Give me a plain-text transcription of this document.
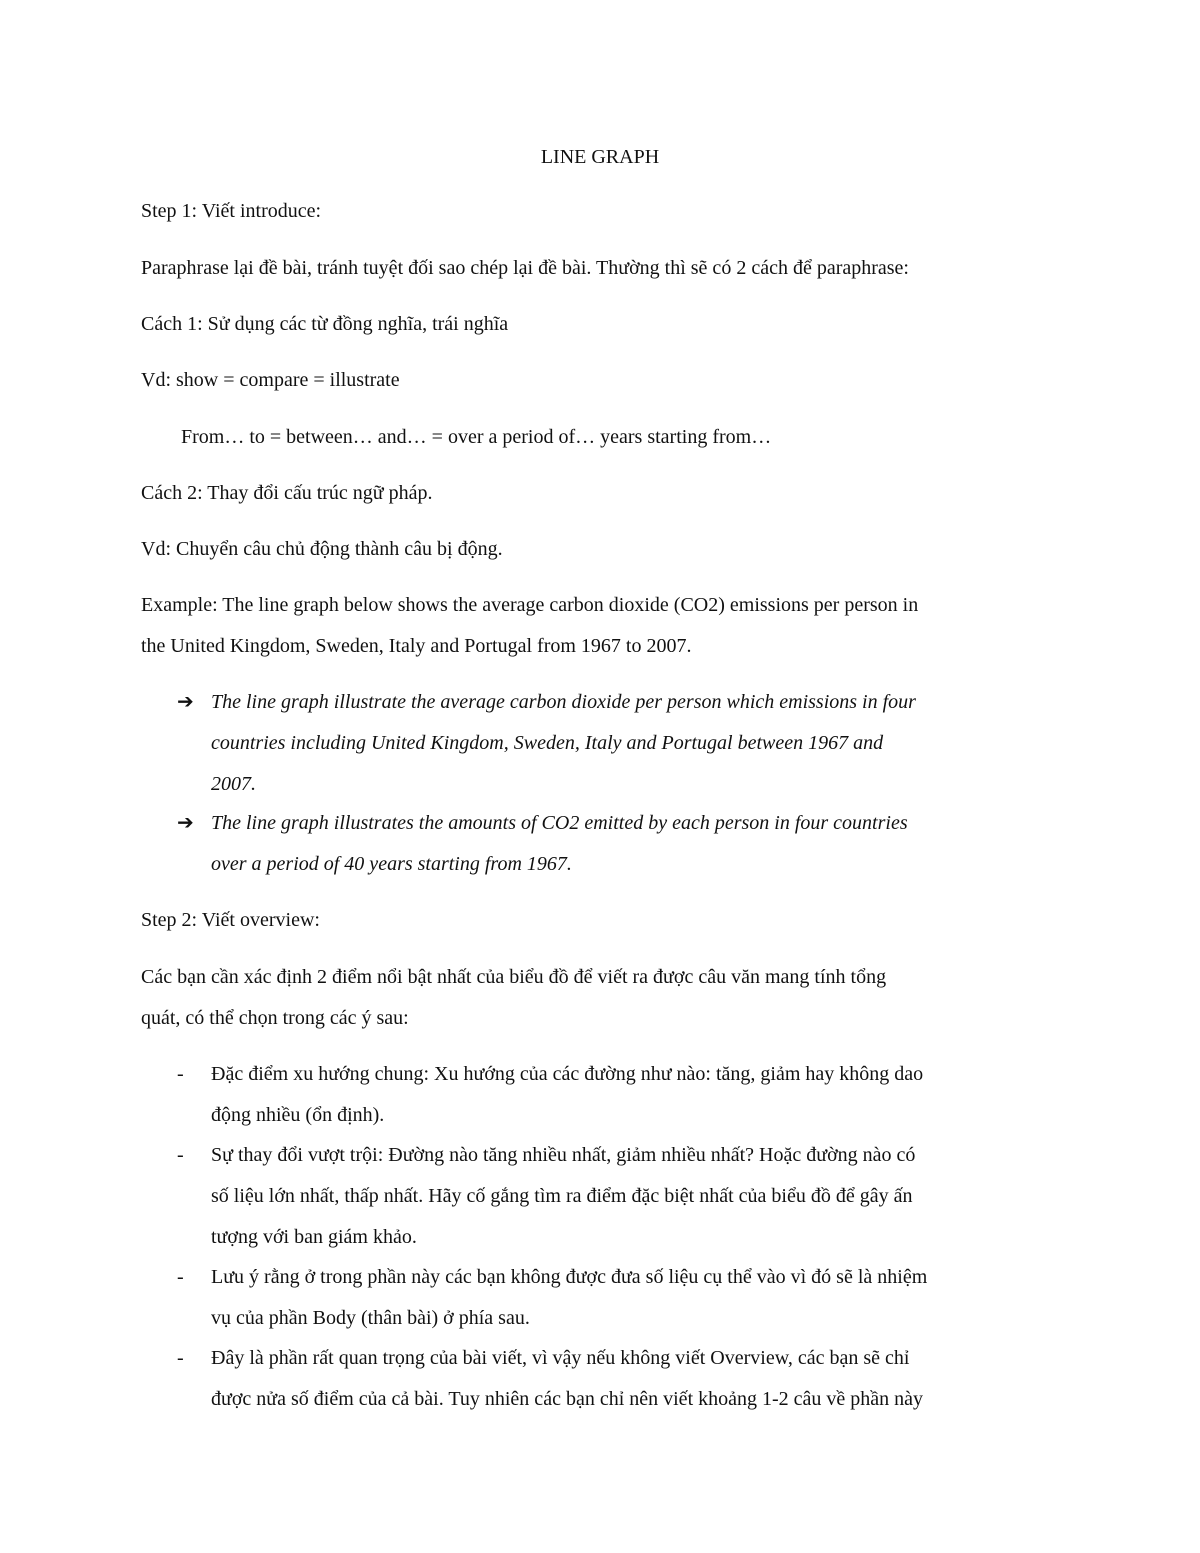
LINE GRAPH
Step 1: Viết introduce:
Paraphrase lại đề bài, tránh tuyệt đối sao chép lại đề bài. Thường thì sẽ có 2 cách để paraphrase:
Cách 1: Sử dụng các từ đồng nghĩa, trái nghĩa
Vd: show = compare = illustrate
From… to = between… and… = over a period of… years starting from…
Cách 2: Thay đổi cấu trúc ngữ pháp.
Vd: Chuyển câu chủ động thành câu bị động.
Example: The line graph below shows the average carbon dioxide (CO2) emissions per person in
the United Kingdom, Sweden, Italy and Portugal from 1967 to 2007.
➔ The line graph illustrate the average carbon dioxide per person which emissions in four
countries including United Kingdom, Sweden, Italy and Portugal between 1967 and
2007.
➔ The line graph illustrates the amounts of CO2 emitted by each person in four countries
over a period of 40 years starting from 1967.
Step 2: Viết overview:
Các bạn cần xác định 2 điểm nổi bật nhất của biểu đồ để viết ra được câu văn mang tính tổng
quát, có thể chọn trong các ý sau:
- Đặc điểm xu hướng chung: Xu hướng của các đường như nào: tăng, giảm hay không dao
động nhiều (ổn định).
- Sự thay đổi vượt trội: Đường nào tăng nhiều nhất, giảm nhiều nhất? Hoặc đường nào có
số liệu lớn nhất, thấp nhất. Hãy cố gắng tìm ra điểm đặc biệt nhất của biểu đồ để gây ấn
tượng với ban giám khảo.
- Lưu ý rằng ở trong phần này các bạn không được đưa số liệu cụ thể vào vì đó sẽ là nhiệm
vụ của phần Body (thân bài) ở phía sau.
- Đây là phần rất quan trọng của bài viết, vì vậy nếu không viết Overview, các bạn sẽ chỉ
được nửa số điểm của cả bài. Tuy nhiên các bạn chỉ nên viết khoảng 1-2 câu về phần này
